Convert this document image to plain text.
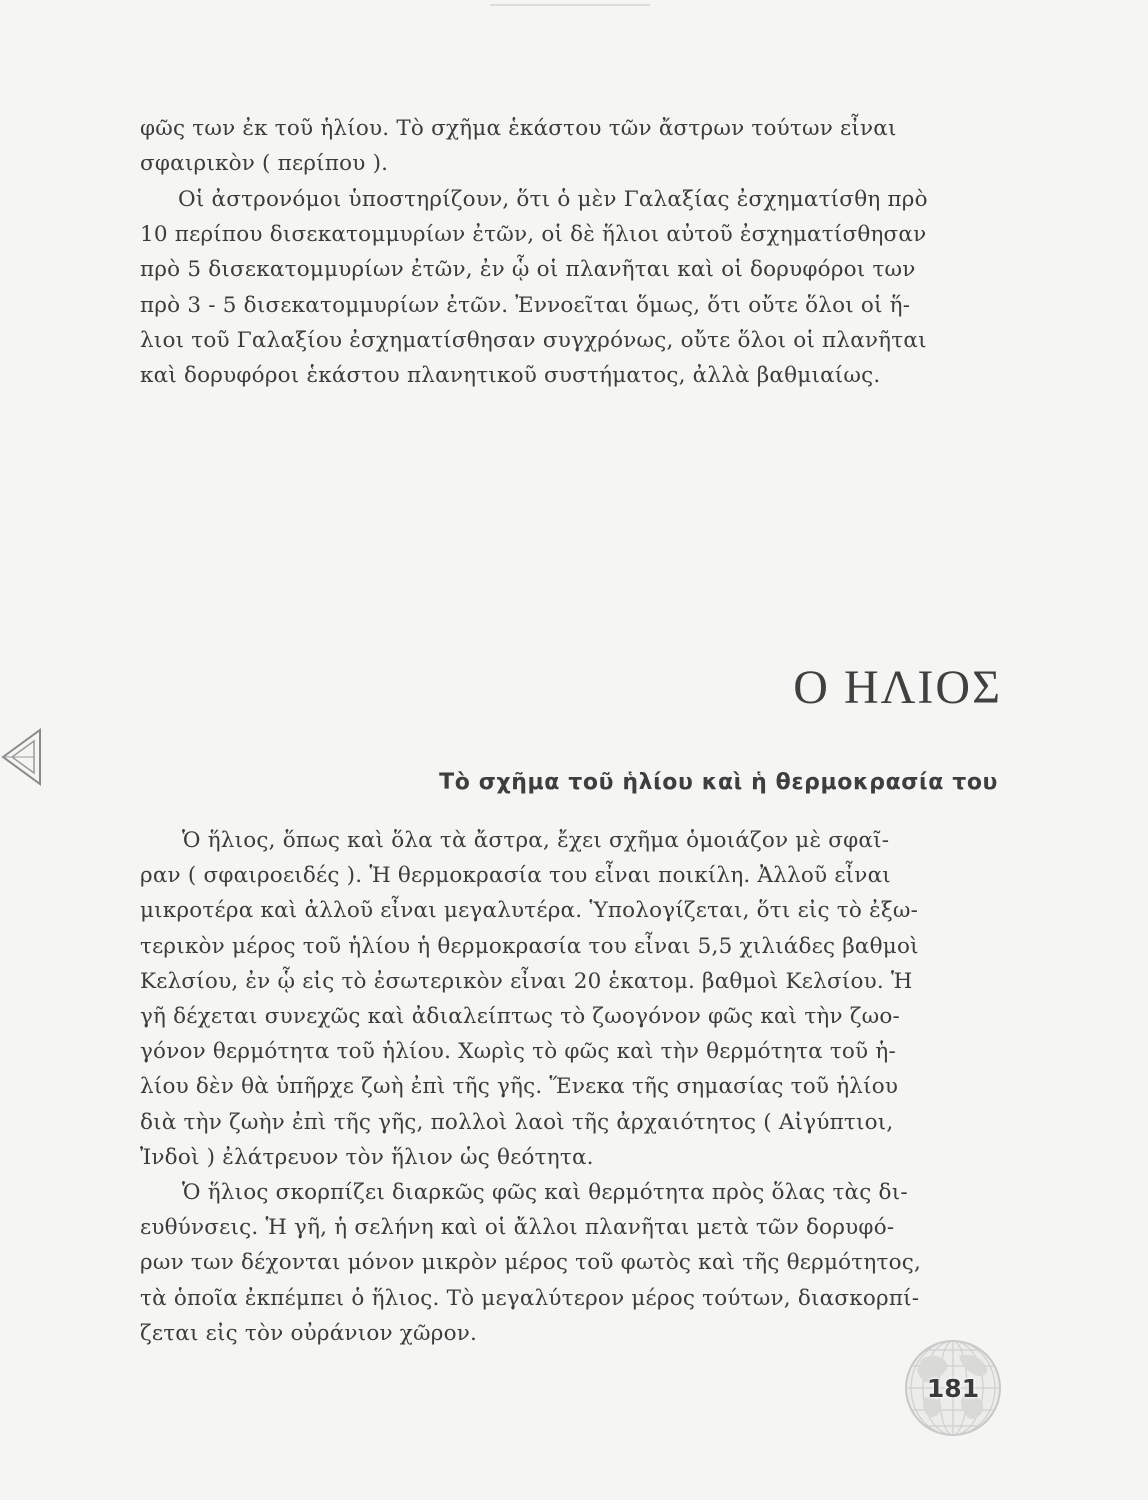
φῶς των ἐκ τοῦ ἡλίου. Τὸ σχῆμα ἑκάστου τῶν ἄστρων τούτων εἶναι
σφαιρικὸν ( περίπου ).
Οἱ ἀστρονόμοι ὑποστηρίζουν, ὅτι ὁ μὲν Γαλαξίας ἐσχηματίσθη πρὸ
10 περίπου δισεκατομμυρίων ἐτῶν, οἱ δὲ ἥλιοι αὐτοῦ ἐσχηματίσθησαν
πρὸ 5 δισεκατομμυρίων ἐτῶν, ἐν ᾧ οἱ πλανῆται καὶ οἱ δορυφόροι των
πρὸ 3 - 5 δισεκατομμυρίων ἐτῶν. Ἐννοεῖται ὅμως, ὅτι οὔτε ὅλοι οἱ ἥ-
λιοι τοῦ Γαλαξίου ἐσχηματίσθησαν συγχρόνως, οὔτε ὅλοι οἱ πλανῆται
καὶ δορυφόροι ἑκάστου πλανητικοῦ συστήματος, ἀλλὰ βαθμιαίως.
Ο ΗΛΙΟΣ
Τὸ σχῆμα τοῦ ἡλίου καὶ ἡ θερμοκρασία του
Ὁ ἥλιος, ὅπως καὶ ὅλα τὰ ἄστρα, ἔχει σχῆμα ὁμοιάζον μὲ σφαῖ-
ραν ( σφαιροειδές ). Ἡ θερμοκρασία του εἶναι ποικίλη. Ἀλλοῦ εἶναι
μικροτέρα καὶ ἀλλοῦ εἶναι μεγαλυτέρα. Ὑπολογίζεται, ὅτι εἰς τὸ ἐξω-
τερικὸν μέρος τοῦ ἡλίου ἡ θερμοκρασία του εἶναι 5,5 χιλιάδες βαθμοὶ
Κελσίου, ἐν ᾧ εἰς τὸ ἐσωτερικὸν εἶναι 20 ἑκατομ. βαθμοὶ Κελσίου. Ἡ
γῆ δέχεται συνεχῶς καὶ ἀδιαλείπτως τὸ ζωογόνον φῶς καὶ τὴν ζωο-
γόνον θερμότητα τοῦ ἡλίου. Χωρὶς τὸ φῶς καὶ τὴν θερμότητα τοῦ ἡ-
λίου δὲν θὰ ὑπῆρχε ζωὴ ἐπὶ τῆς γῆς. Ἕνεκα τῆς σημασίας τοῦ ἡλίου
διὰ τὴν ζωὴν ἐπὶ τῆς γῆς, πολλοὶ λαοὶ τῆς ἀρχαιότητος ( Αἰγύπτιοι,
Ἰνδοὶ ) ἐλάτρευον τὸν ἥλιον ὡς θεότητα.
Ὁ ἥλιος σκορπίζει διαρκῶς φῶς καὶ θερμότητα πρὸς ὅλας τὰς δι-
ευθύνσεις. Ἡ γῆ, ἡ σελήνη καὶ οἱ ἄλλοι πλανῆται μετὰ τῶν δορυφό-
ρων των δέχονται μόνον μικρὸν μέρος τοῦ φωτὸς καὶ τῆς θερμότητος,
τὰ ὁποῖα ἐκπέμπει ὁ ἥλιος. Τὸ μεγαλύτερον μέρος τούτων, διασκορπί-
ζεται εἰς τὸν οὐράνιον χῶρον.
181
